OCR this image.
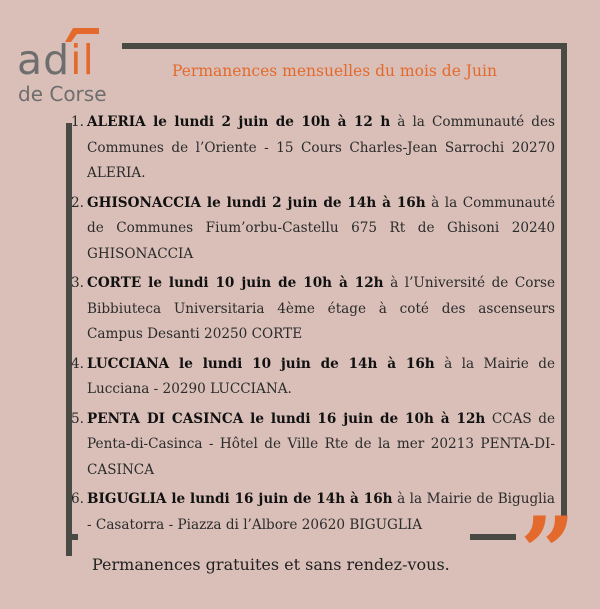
adil
de Corse
Permanences mensuelles du mois de Juin
1. ALERIA le lundi 2 juin de 10h à 12 h à la Communauté des Communes de l’Oriente - 15 Cours Charles-Jean Sarrochi 20270 ALERIA.
2. GHISONACCIA le lundi 2 juin de 14h à 16h à la Communauté de Communes Fium’orbu-Castellu 675 Rt de Ghisoni 20240 GHISONACCIA
3. CORTE le lundi 10 juin de 10h à 12h à l’Université de Corse Bibbiuteca Universitaria 4ème étage à coté des ascenseurs Campus Desanti 20250 CORTE
4. LUCCIANA le lundi 10 juin de 14h à 16h à la Mairie de Lucciana - 20290 LUCCIANA.
5. PENTA DI CASINCA le lundi 16 juin de 10h à 12h CCAS de Penta-di-Casinca - Hôtel de Ville Rte de la mer 20213 PENTA-DI-CASINCA
6. BIGUGLIA le lundi 16 juin de 14h à 16h à la Mairie de Biguglia - Casatorra - Piazza di l’Albore 20620 BIGUGLIA
Permanences gratuites et sans rendez-vous. ”
